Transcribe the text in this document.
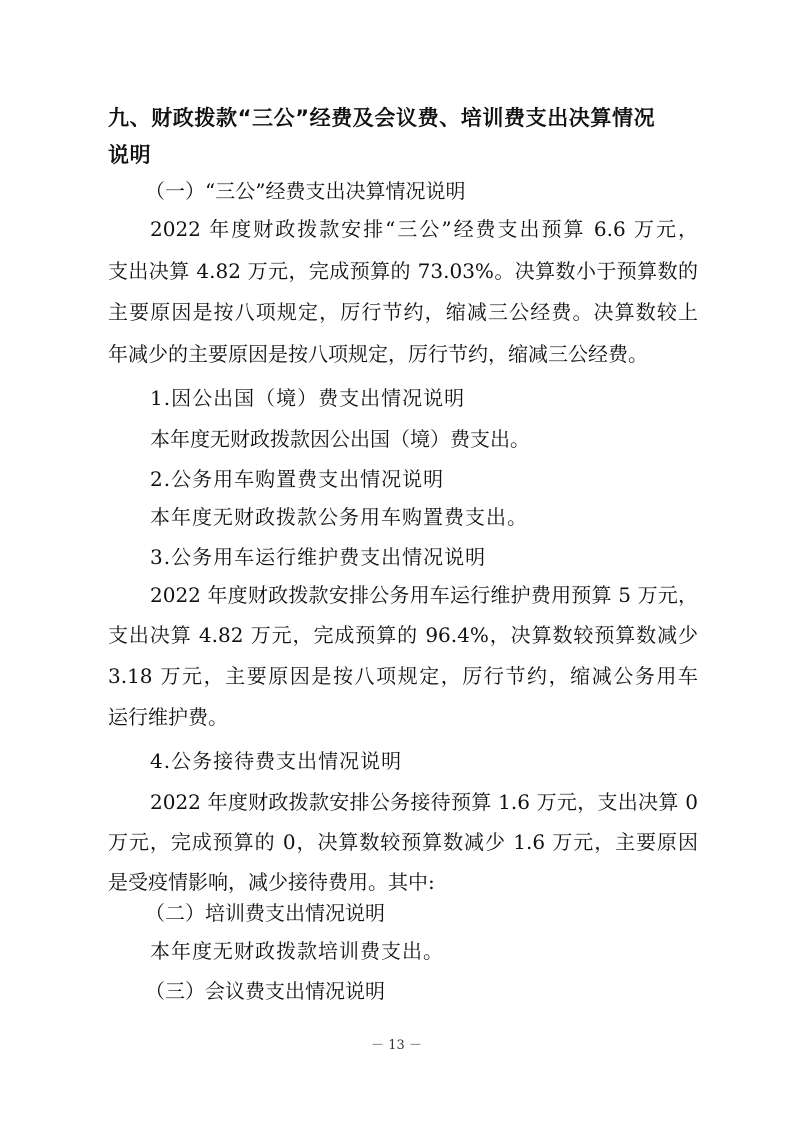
九、财政拨款“三公”经费及会议费、培训费支出决算情况
说明
（一）“三公”经费支出决算情况说明
2022 年度财政拨款安排“三公”经费支出预算 6.6 万元，
支出决算 4.82 万元，完成预算的 73.03%。决算数小于预算数的
主要原因是按八项规定，厉行节约，缩减三公经费。决算数较上
年减少的主要原因是按八项规定，厉行节约，缩减三公经费。
1.因公出国（境）费支出情况说明
本年度无财政拨款因公出国（境）费支出。
2.公务用车购置费支出情况说明
本年度无财政拨款公务用车购置费支出。
3.公务用车运行维护费支出情况说明
2022 年度财政拨款安排公务用车运行维护费用预算 5 万元，
支出决算 4.82 万元，完成预算的 96.4%，决算数较预算数减少
3.18 万元，主要原因是按八项规定，厉行节约，缩减公务用车
运行维护费。
4.公务接待费支出情况说明
2022 年度财政拨款安排公务接待预算 1.6 万元，支出决算 0
万元，完成预算的 0，决算数较预算数减少 1.6 万元，主要原因
是受疫情影响，减少接待费用。其中:
（二）培训费支出情况说明
本年度无财政拨款培训费支出。
（三）会议费支出情况说明
－ 13 －
